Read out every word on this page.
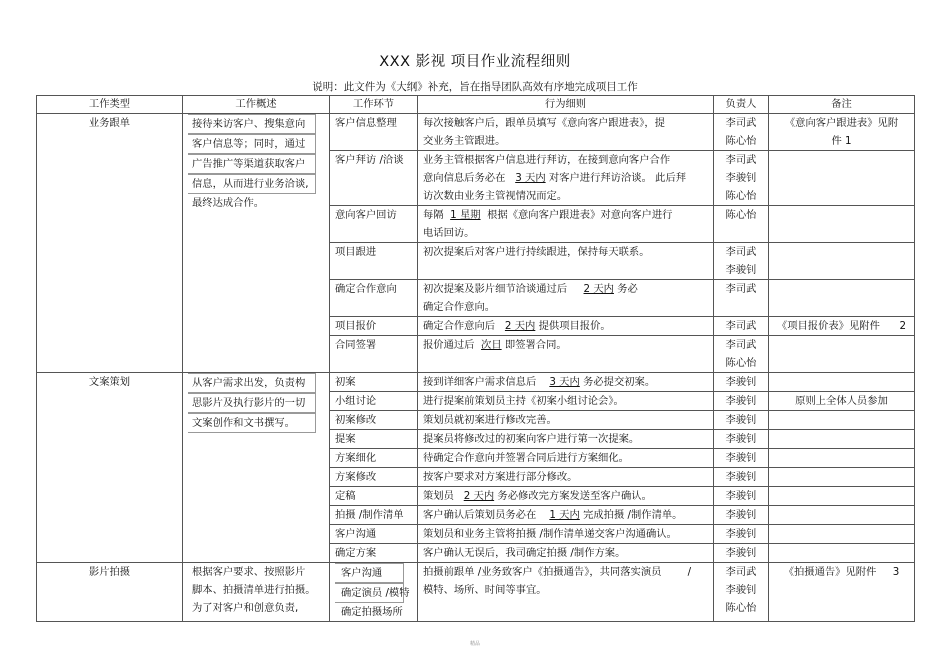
XXX 影视 项目作业流程细则
说明：此文件为《大纲》补充，旨在指导团队高效有序地完成项目工作
工作类型	工作概述	工作环节	行为细则	负责人	备注
业务跟单	接待来访客户、搜集意向
客户信息等；同时，通过
广告推广等渠道获取客户
信息，从而进行业务洽谈,
最终达成合作。	客户信息整理	每次接触客户后，跟单员填写《意向客户跟进表》，提
交业务主管跟进。	李司武
陈心怡	《意向客户跟进表》见附
件 1

		客户拜访 /洽谈	业务主管根据客户信息进行拜访，在接到意向客户合作
意向信息后务必在 3 天内 对客户进行拜访洽谈。 此后拜
访次数由业务主管视情况而定。	李司武
李骏钊
陈心怡	

		意向客户回访	每隔 1 星期 根据《意向客户跟进表》对意向客户进行
电话回访。	陈心怡	

		项目跟进	初次提案后对客户进行持续跟进，保持每天联系。	李司武
李骏钊	

		确定合作意向	初次提案及影片细节洽谈通过后 2 天内 务必
确定合作意向。	李司武	

		项目报价	确定合作意向后 2 天内 提供项目报价。	李司武	《项目报价表》见附件 2

		合同签署	报价通过后 次日 即签署合同。	李司武
陈心怡	

文案策划	从客户需求出发，负责构
思影片及执行影片的一切
文案创作和文书撰写。	初案	接到详细客户需求信息后 3 天内 务必提交初案。	李骏钊	

		小组讨论	进行提案前策划员主持《初案小组讨论会》。	李骏钊	原则上全体人员参加

		初案修改	策划员就初案进行修改完善。	李骏钊	

		提案	提案员将修改过的初案向客户进行第一次提案。	李骏钊	

		方案细化	待确定合作意向并签署合同后进行方案细化。	李骏钊	

		方案修改	按客户要求对方案进行部分修改。	李骏钊	

		定稿	策划员 2 天内 务必修改完方案发送至客户确认。	李骏钊	

		拍摄 /制作清单	客户确认后策划员务必在 1 天内 完成拍摄 /制作清单。	李骏钊	

		客户沟通	策划员和业务主管将拍摄 /制作清单递交客户沟通确认。	李骏钊	

		确定方案	客户确认无误后，我司确定拍摄 /制作方案。	李骏钊	

影片拍摄	根据客户要求、按照影片
脚本、拍摄清单进行拍摄。
为了对客户和创意负责,	客户沟通
确定演员 /模特
确定拍摄场所	拍摄前跟单 /业务致客户《拍摄通告》，共同落实演员 /
模特、场所、时间等事宜。	李司武
李骏钊
陈心怡	《拍摄通告》见附件 3
精品
